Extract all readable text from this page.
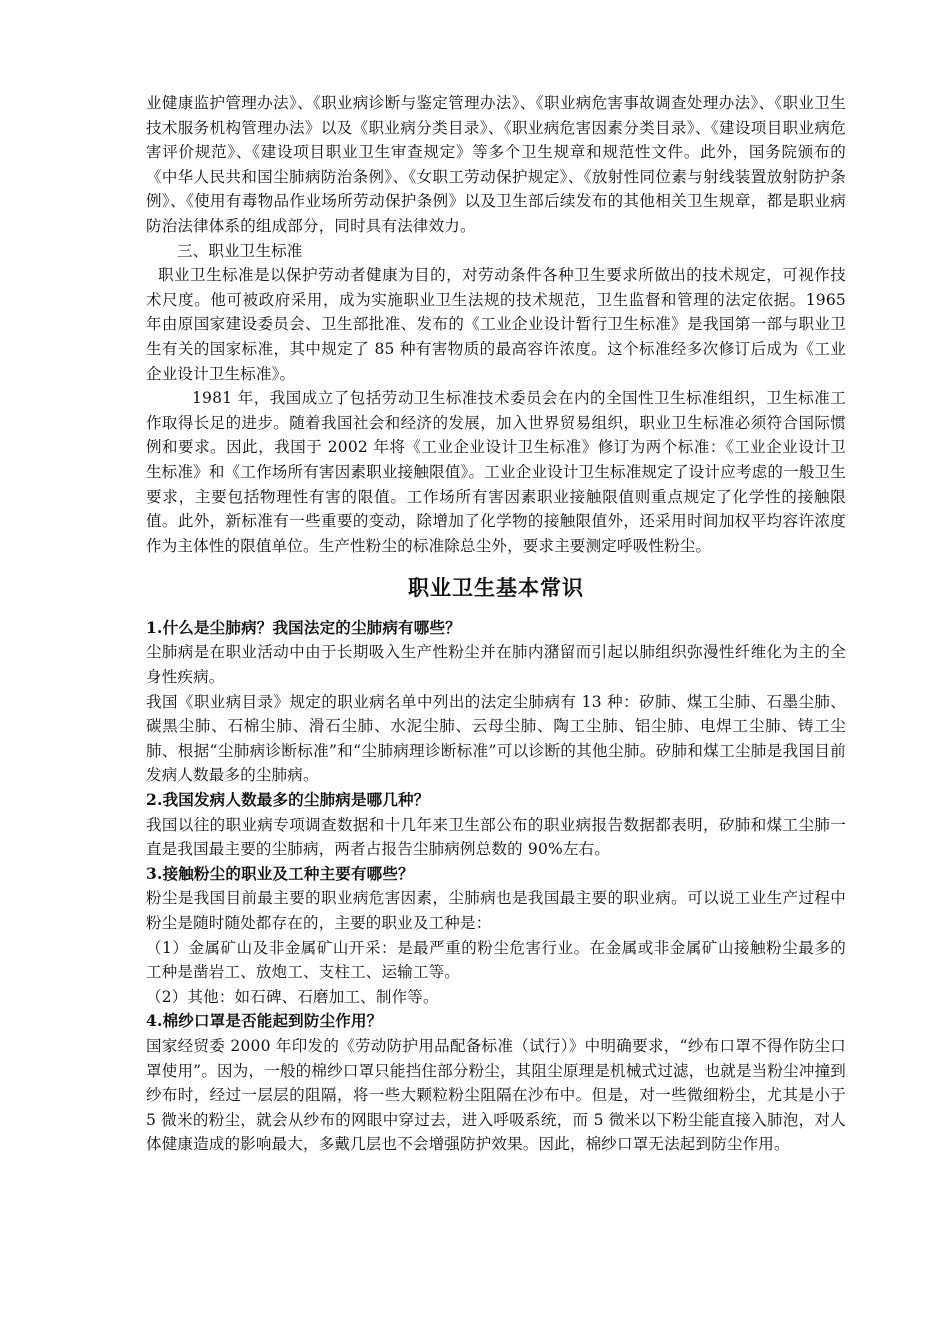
业健康监护管理办法》、《职业病诊断与鉴定管理办法》、《职业病危害事故调查处理办法》、《职业卫生技术服务机构管理办法》以及《职业病分类目录》、《职业病危害因素分类目录》、《建设项目职业病危害评价规范》、《建设项目职业卫生审查规定》等多个卫生规章和规范性文件。此外，国务院颁布的《中华人民共和国尘肺病防治条例》、《女职工劳动保护规定》、《放射性同位素与射线装置放射防护条例》、《使用有毒物品作业场所劳动保护条例》以及卫生部后续发布的其他相关卫生规章，都是职业病防治法律体系的组成部分，同时具有法律效力。

三、职业卫生标准

职业卫生标准是以保护劳动者健康为目的，对劳动条件各种卫生要求所做出的技术规定，可视作技术尺度。他可被政府采用，成为实施职业卫生法规的技术规范，卫生监督和管理的法定依据。1965 年由原国家建设委员会、卫生部批准、发布的《工业企业设计暂行卫生标准》是我国第一部与职业卫生有关的国家标准，其中规定了 85 种有害物质的最高容许浓度。这个标准经多次修订后成为《工业企业设计卫生标准》。

1981 年，我国成立了包括劳动卫生标准技术委员会在内的全国性卫生标准组织，卫生标准工作取得长足的进步。随着我国社会和经济的发展，加入世界贸易组织，职业卫生标准必须符合国际惯例和要求。因此，我国于 2002 年将《工业企业设计卫生标准》修订为两个标准：《工业企业设计卫生标准》和《工作场所有害因素职业接触限值》。工业企业设计卫生标准规定了设计应考虑的一般卫生要求，主要包括物理性有害的限值。工作场所有害因素职业接触限值则重点规定了化学性的接触限值。此外，新标准有一些重要的变动，除增加了化学物的接触限值外，还采用时间加权平均容许浓度作为主体性的限值单位。生产性粉尘的标准除总尘外，要求主要测定呼吸性粉尘。

职业卫生基本常识

1.什么是尘肺病？我国法定的尘肺病有哪些？

尘肺病是在职业活动中由于长期吸入生产性粉尘并在肺内潴留而引起以肺组织弥漫性纤维化为主的全身性疾病。

我国《职业病目录》规定的职业病名单中列出的法定尘肺病有 13 种：矽肺、煤工尘肺、石墨尘肺、碳黑尘肺、石棉尘肺、滑石尘肺、水泥尘肺、云母尘肺、陶工尘肺、铝尘肺、电焊工尘肺、铸工尘肺、根据“尘肺病诊断标准”和“尘肺病理诊断标准”可以诊断的其他尘肺。矽肺和煤工尘肺是我国目前发病人数最多的尘肺病。

2.我国发病人数最多的尘肺病是哪几种？

我国以往的职业病专项调查数据和十几年来卫生部公布的职业病报告数据都表明，矽肺和煤工尘肺一直是我国最主要的尘肺病，两者占报告尘肺病例总数的 90%左右。

3.接触粉尘的职业及工种主要有哪些？

粉尘是我国目前最主要的职业病危害因素，尘肺病也是我国最主要的职业病。可以说工业生产过程中粉尘是随时随处都存在的，主要的职业及工种是：

（1）金属矿山及非金属矿山开采：是最严重的粉尘危害行业。在金属或非金属矿山接触粉尘最多的工种是凿岩工、放炮工、支柱工、运输工等。

（2）其他：如石碑、石磨加工、制作等。

4.棉纱口罩是否能起到防尘作用？

国家经贸委 2000 年印发的《劳动防护用品配备标准（试行）》中明确要求，“纱布口罩不得作防尘口罩使用”。因为，一般的棉纱口罩只能挡住部分粉尘，其阻尘原理是机械式过滤，也就是当粉尘冲撞到纱布时，经过一层层的阻隔，将一些大颗粒粉尘阻隔在沙布中。但是，对一些微细粉尘，尤其是小于 5 微米的粉尘，就会从纱布的网眼中穿过去，进入呼吸系统，而 5 微米以下粉尘能直接入肺泡，对人体健康造成的影响最大，多戴几层也不会增强防护效果。因此，棉纱口罩无法起到防尘作用。
